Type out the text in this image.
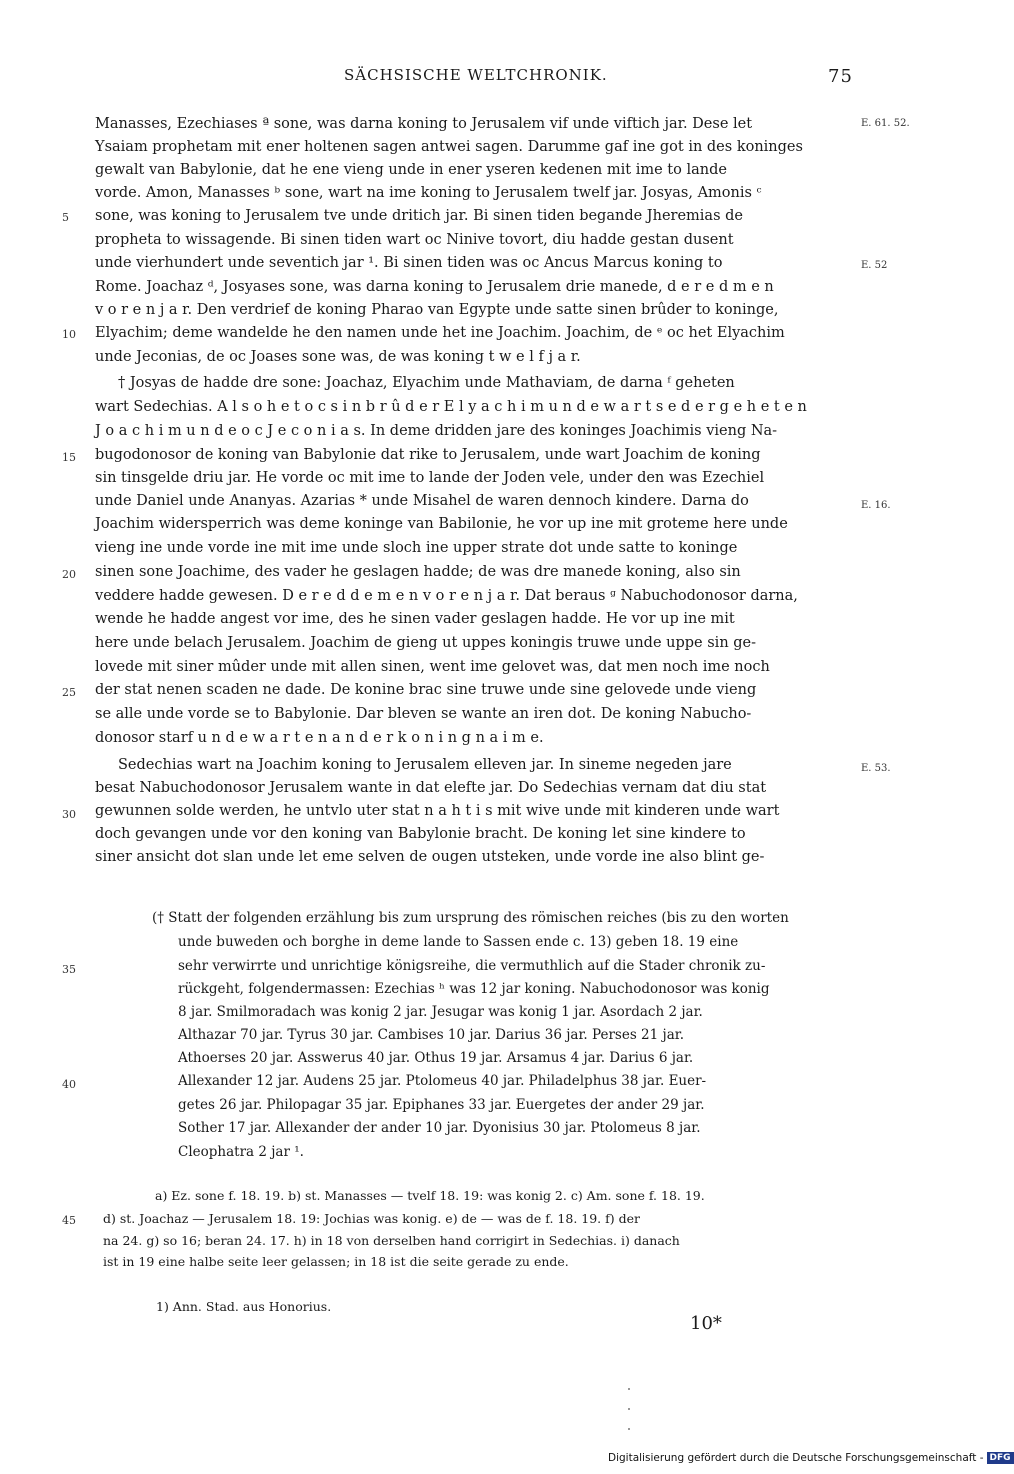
SÄCHSISCHE WELTCHRONIK.	75
Manasses, Ezechiases ª sone, was darna koning to Jerusalem vif unde viftich jar. Dese let
Ysaiam prophetam mit ener holtenen sagen antwei sagen. Darumme gaf ine got in des koninges
gewalt van Babylonie, dat he ene vieng unde in ener yseren kedenen mit ime to lande
vorde. Amon, Manasses ᵇ sone, wart na ime koning to Jerusalem twelf jar. Josyas, Amonis ᶜ
sone, was koning to Jerusalem tve unde dritich jar. Bi sinen tiden begande Jheremias de
propheta to wissagende. Bi sinen tiden wart oc Ninive tovort, diu hadde gestan dusent
unde vierhundert unde seventich jar ¹. Bi sinen tiden was oc Ancus Marcus koning to
Rome. Joachaz ᵈ, Josyases sone, was darna koning to Jerusalem drie manede, d e r e d m e n
v o r e n j a r. Den verdrief de koning Pharao van Egypte unde satte sinen brûder to koninge,
Elyachim; deme wandelde he den namen unde het ine Joachim. Joachim, de ᵉ oc het Elyachim
unde Jeconias, de oc Joases sone was, de was koning t w e l f j a r.
† Josyas de hadde dre sone: Joachaz, Elyachim unde Mathaviam, de darna ᶠ geheten
wart Sedechias. A l s o h e t o c s i n b r û d e r E l y a c h i m u n d e w a r t s e d e r g e h e t e n
J o a c h i m u n d e o c J e c o n i a s. In deme dridden jare des koninges Joachimis vieng Na-
bugodonosor de koning van Babylonie dat rike to Jerusalem, unde wart Joachim de koning
sin tinsgelde driu jar. He vorde oc mit ime to lande der Joden vele, under den was Ezechiel
unde Daniel unde Ananyas. Azarias * unde Misahel de waren dennoch kindere. Darna do
Joachim widersperrich was deme koninge van Babilonie, he vor up ine mit groteme here unde
vieng ine unde vorde ine mit ime unde sloch ine upper strate dot unde satte to koninge
sinen sone Joachime, des vader he geslagen hadde; de was dre manede koning, also sin
veddere hadde gewesen. D e r e d d e m e n v o r e n j a r. Dat beraus ᵍ Nabuchodonosor darna,
wende he hadde angest vor ime, des he sinen vader geslagen hadde. He vor up ine mit
here unde belach Jerusalem. Joachim de gieng ut uppes koningis truwe unde uppe sin ge-
lovede mit siner mûder unde mit allen sinen, went ime gelovet was, dat men noch ime noch
der stat nenen scaden ne dade. De konine brac sine truwe unde sine gelovede unde vieng
se alle unde vorde se to Babylonie. Dar bleven se wante an iren dot. De koning Nabucho-
donosor starf u n d e w a r t e n a n d e r k o n i n g n a i m e.
Sedechias wart na Joachim koning to Jerusalem elleven jar. In sineme negeden jare
besat Nabuchodonosor Jerusalem wante in dat elefte jar. Do Sedechias vernam dat diu stat
gewunnen solde werden, he untvlo uter stat n a h t i s mit wive unde mit kinderen unde wart
doch gevangen unde vor den koning van Babylonie bracht. De koning let sine kindere to
siner ansicht dot slan unde let eme selven de ougen utsteken, unde vorde ine also blint ge-
(† Statt der folgenden erzählung bis zum ursprung des römischen reiches (bis zu den worten
unde buweden och borghe in deme lande to Sassen ende c. 13) geben 18. 19 eine
sehr verwirrte und unrichtige königsreihe, die vermuthlich auf die Stader chronik zu-
rückgeht, folgendermassen: Ezechias ʰ was 12 jar koning. Nabuchodonosor was konig
8 jar. Smilmoradach was konig 2 jar. Jesugar was konig 1 jar. Asordach 2 jar.
Althazar 70 jar. Tyrus 30 jar. Cambises 10 jar. Darius 36 jar. Perses 21 jar.
Athoerses 20 jar. Asswerus 40 jar. Othus 19 jar. Arsamus 4 jar. Darius 6 jar.
Allexander 12 jar. Audens 25 jar. Ptolomeus 40 jar. Philadelphus 38 jar. Euer-
getes 26 jar. Philopagar 35 jar. Epiphanes 33 jar. Euergetes der ander 29 jar.
Sother 17 jar. Allexander der ander 10 jar. Dyonisius 30 jar. Ptolomeus 8 jar.
Cleophatra 2 jar ¹.
a) Ez. sone f. 18. 19. b) st. Manasses — tvelf 18. 19: was konig 2. c) Am. sone f. 18. 19.
d) st. Joachaz — Jerusalem 18. 19: Jochias was konig. e) de — was de f. 18. 19. f) der
na 24. g) so 16; beran 24. 17. h) in 18 von derselben hand corrigirt in Sedechias. i) danach
ist in 19 eine halbe seite leer gelassen; in 18 ist die seite gerade zu ende.
1) Ann. Stad. aus Honorius.
10*
5
10
15
20
25
30
35
40
45
E. 61. 52.
E. 52
E. 16.
E. 53.
Digitalisierung gefördert durch die Deutsche Forschungsgemeinschaft - DFG
